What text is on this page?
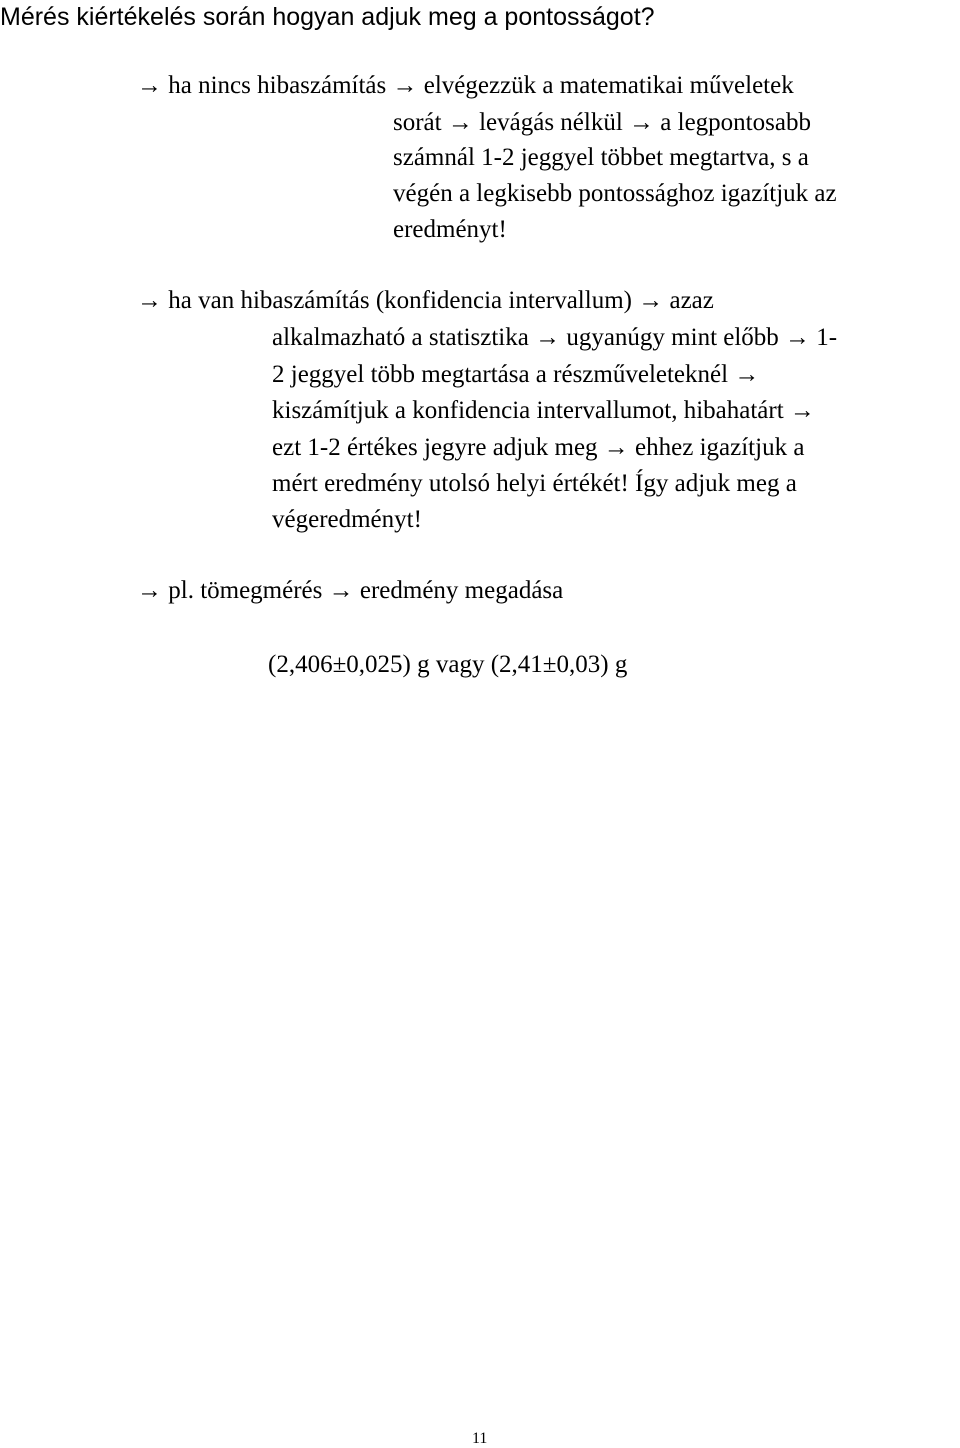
Mérés kiértékelés során hogyan adjuk meg a pontosságot?
→ ha nincs hibaszámítás → elvégezzük a matematikai műveletek
sorát → levágás nélkül → a legpontosabb
számnál 1-2 jeggyel többet megtartva, s a
végén a legkisebb pontossághoz igazítjuk az
eredményt!
→ ha van hibaszámítás (konfidencia intervallum) → azaz
alkalmazható a statisztika → ugyanúgy mint előbb → 1-
2 jeggyel több megtartása a részműveleteknél →
kiszámítjuk a konfidencia intervallumot, hibahatárt →
ezt 1-2 értékes jegyre adjuk meg → ehhez igazítjuk a
mért eredmény utolsó helyi értékét! Így adjuk meg a
végeredményt!
→ pl. tömegmérés → eredmény megadása
(2,406±0,025) g vagy (2,41±0,03) g
11
